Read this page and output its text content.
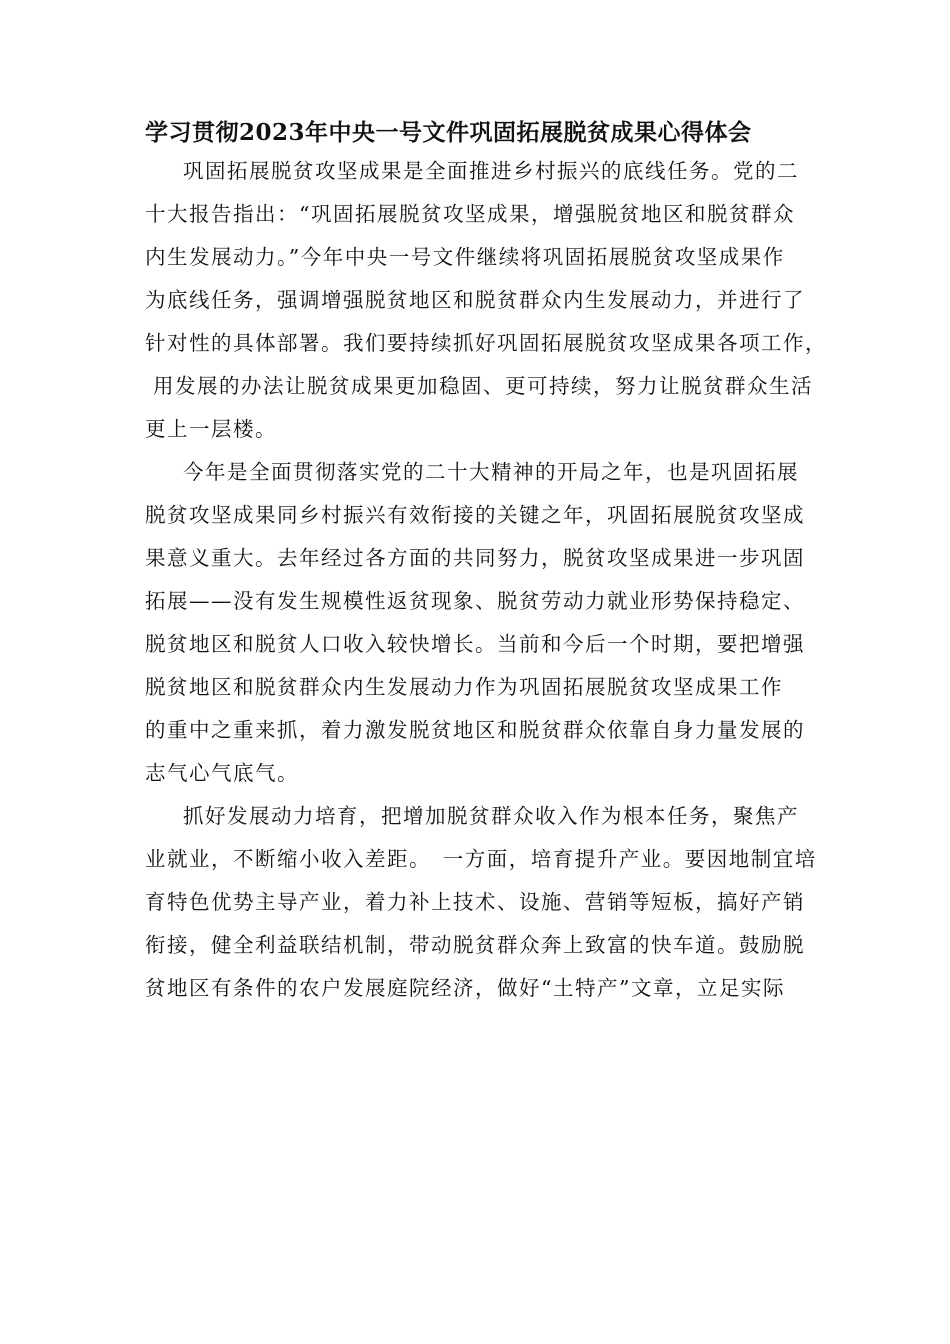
学习贯彻2023年中央一号文件巩固拓展脱贫成果心得体会
巩固拓展脱贫攻坚成果是全面推进乡村振兴的底线任务。党的二
十大报告指出：“巩固拓展脱贫攻坚成果，增强脱贫地区和脱贫群众
内生发展动力。”今年中央一号文件继续将巩固拓展脱贫攻坚成果作
为底线任务，强调增强脱贫地区和脱贫群众内生发展动力，并进行了
针对性的具体部署。我们要持续抓好巩固拓展脱贫攻坚成果各项工作，
用发展的办法让脱贫成果更加稳固、更可持续，努力让脱贫群众生活
更上一层楼。
今年是全面贯彻落实党的二十大精神的开局之年，也是巩固拓展
脱贫攻坚成果同乡村振兴有效衔接的关键之年，巩固拓展脱贫攻坚成
果意义重大。去年经过各方面的共同努力，脱贫攻坚成果进一步巩固
拓展——没有发生规模性返贫现象、脱贫劳动力就业形势保持稳定、
脱贫地区和脱贫人口收入较快增长。当前和今后一个时期，要把增强
脱贫地区和脱贫群众内生发展动力作为巩固拓展脱贫攻坚成果工作
的重中之重来抓，着力激发脱贫地区和脱贫群众依靠自身力量发展的
志气心气底气。
抓好发展动力培育，把增加脱贫群众收入作为根本任务，聚焦产
业就业，不断缩小收入差距。　一方面，培育提升产业。要因地制宜培
育特色优势主导产业，着力补上技术、设施、营销等短板，搞好产销
衔接，健全利益联结机制，带动脱贫群众奔上致富的快车道。鼓励脱
贫地区有条件的农户发展庭院经济，做好“土特产”文章，立足实际
